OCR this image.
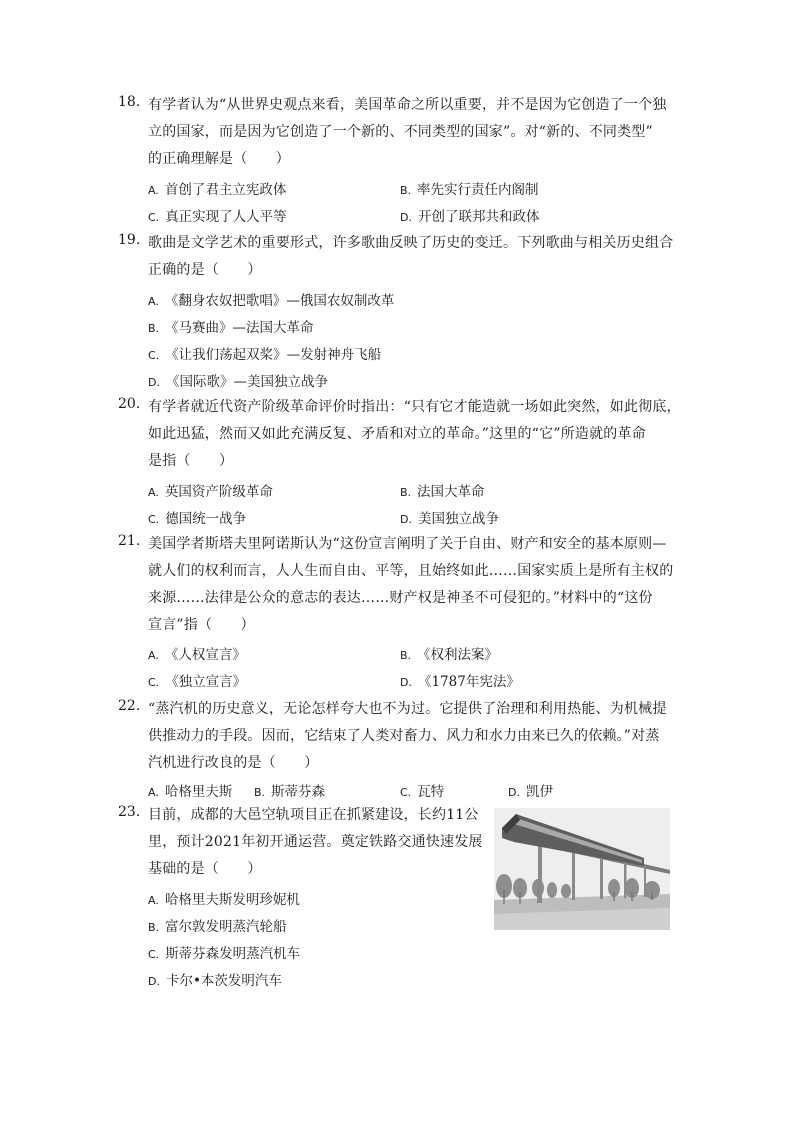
18. 有学者认为“从世界史观点来看，美国革命之所以重要，并不是因为它创造了一个独
立的国家，而是因为它创造了一个新的、不同类型的国家”。对“新的、不同类型”
的正确理解是（　　）
A. 首创了君主立宪政体	B. 率先实行责任内阁制
C. 真正实现了人人平等	D. 开创了联邦共和政体
19. 歌曲是文学艺术的重要形式，许多歌曲反映了历史的变迁。下列歌曲与相关历史组合
正确的是（　　）
A. 《翻身农奴把歌唱》—俄国农奴制改革
B. 《马赛曲》—法国大革命
C. 《让我们荡起双桨》—发射神舟飞船
D. 《国际歌》—美国独立战争
20. 有学者就近代资产阶级革命评价时指出：“只有它才能造就一场如此突然，如此彻底，
如此迅猛，然而又如此充满反复、矛盾和对立的革命。”这里的“它”所造就的革命
是指（　　）
A. 英国资产阶级革命	B. 法国大革命
C. 德国统一战争	D. 美国独立战争
21. 美国学者斯塔夫里阿诺斯认为“这份宣言阐明了关于自由、财产和安全的基本原则—
就人们的权利而言，人人生而自由、平等，且始终如此……国家实质上是所有主权的
来源……法律是公众的意志的表达……财产权是神圣不可侵犯的。”材料中的“这份
宣言”指（　　）
A. 《人权宣言》	B. 《权利法案》
C. 《独立宣言》	D. 《1787年宪法》
22. “蒸汽机的历史意义，无论怎样夸大也不为过。它提供了治理和利用热能、为机械提
供推动力的手段。因而，它结束了人类对畜力、风力和水力由来已久的依赖。”对蒸
汽机进行改良的是（　　）
A. 哈格里夫斯 B. 斯蒂芬森	C. 瓦特	D. 凯伊
23. 目前，成都的大邑空轨项目正在抓紧建设，长约11公
里，预计2021年初开通运营。奠定铁路交通快速发展
基础的是（　　）
A. 哈格里夫斯发明珍妮机
B. 富尔敦发明蒸汽轮船
C. 斯蒂芬森发明蒸汽机车
D. 卡尔•本茨发明汽车
